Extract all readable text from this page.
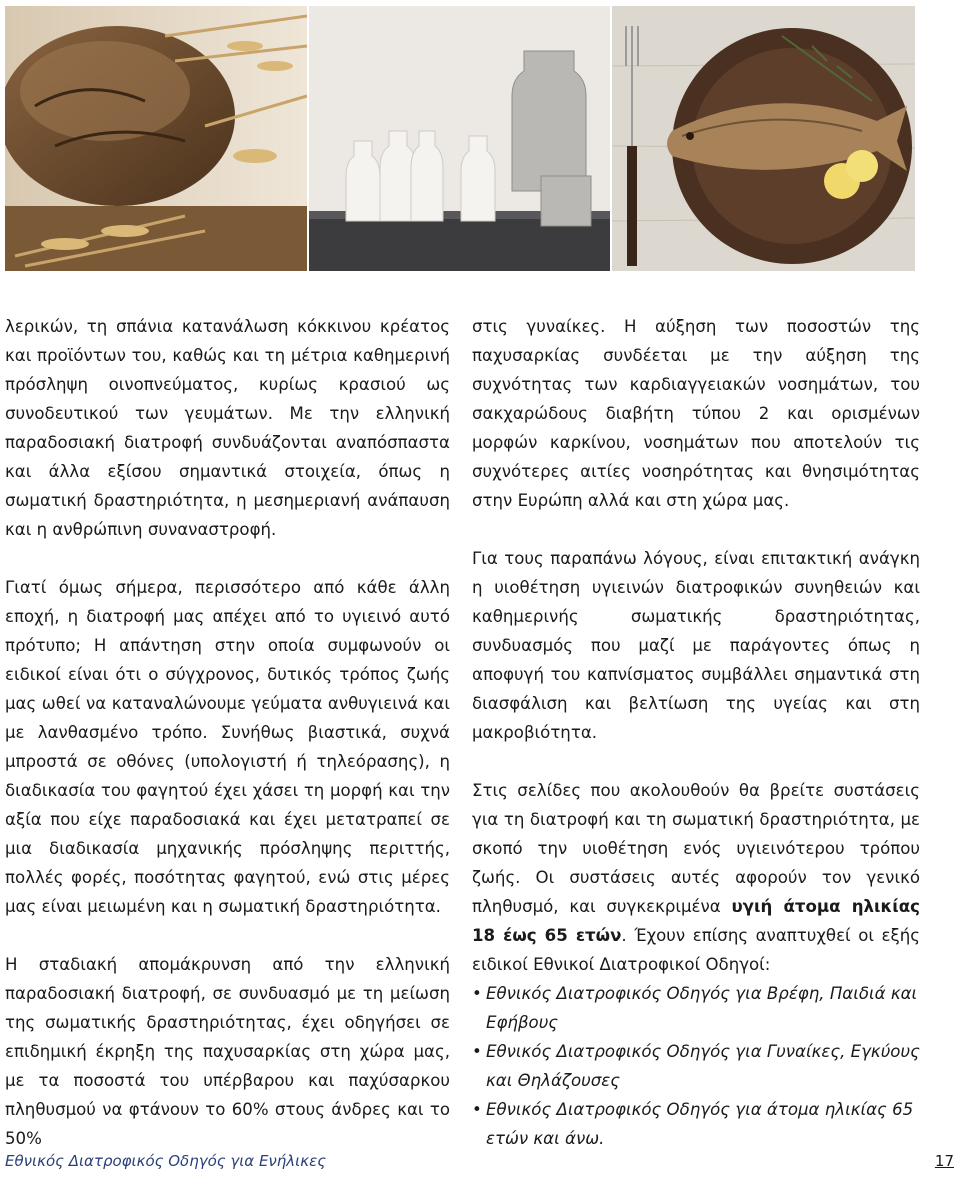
λερικών, τη σπάνια κατανάλωση κόκκινου κρέατος και προϊόντων του, καθώς και τη μέτρια καθημερινή πρόσληψη οινοπνεύματος, κυρίως κρασιού ως συνοδευτικού των γευμάτων. Με την ελληνική παραδοσιακή διατροφή συνδυάζονται αναπόσπαστα και άλλα εξίσου σημαντικά στοιχεία, όπως η σωματική δραστηριότητα, η μεσημεριανή ανάπαυση και η ανθρώπινη συναναστροφή.

Γιατί όμως σήμερα, περισσότερο από κάθε άλλη εποχή, η διατροφή μας απέχει από το υγιεινό αυτό πρότυπο; Η απάντηση στην οποία συμφωνούν οι ειδικοί είναι ότι ο σύγχρονος, δυτικός τρόπος ζωής μας ωθεί να καταναλώνουμε γεύματα ανθυγιεινά και με λανθασμένο τρόπο. Συνήθως βιαστικά, συχνά μπροστά σε οθόνες (υπολογιστή ή τηλεόρασης), η διαδικασία του φαγητού έχει χάσει τη μορφή και την αξία που είχε παραδοσιακά και έχει μετατραπεί σε μια διαδικασία μηχανικής πρόσληψης περιττής, πολλές φορές, ποσότητας φαγητού, ενώ στις μέρες μας είναι μειωμένη και η σωματική δραστηριότητα.

Η σταδιακή απομάκρυνση από την ελληνική παραδοσιακή διατροφή, σε συνδυασμό με τη μείωση της σωματικής δραστηριότητας, έχει οδηγήσει σε επιδημική έκρηξη της παχυσαρκίας στη χώρα μας, με τα ποσοστά του υπέρβαρου και παχύσαρκου πληθυσμού να φτάνουν το 60% στους άνδρες και το 50%

στις γυναίκες. Η αύξηση των ποσοστών της παχυσαρκίας συνδέεται με την αύξηση της συχνότητας των καρδιαγγειακών νοσημάτων, του σακχαρώδους διαβήτη τύπου 2 και ορισμένων μορφών καρκίνου, νοσημάτων που αποτελούν τις συχνότερες αιτίες νοσηρότητας και θνησιμότητας στην Ευρώπη αλλά και στη χώρα μας.

Για τους παραπάνω λόγους, είναι επιτακτική ανάγκη η υιοθέτηση υγιεινών διατροφικών συνηθειών και καθημερινής σωματικής δραστηριότητας, συνδυασμός που μαζί με παράγοντες όπως η αποφυγή του καπνίσματος συμβάλλει σημαντικά στη διασφάλιση και βελτίωση της υγείας και στη μακροβιότητα.

Στις σελίδες που ακολουθούν θα βρείτε συστάσεις για τη διατροφή και τη σωματική δραστηριότητα, με σκοπό την υιοθέτηση ενός υγιεινότερου τρόπου ζωής. Οι συστάσεις αυτές αφορούν τον γενικό πληθυσμό, και συγκεκριμένα υγιή άτομα ηλικίας 18 έως 65 ετών. Έχουν επίσης αναπτυχθεί οι εξής ειδικοί Εθνικοί Διατροφικοί Οδηγοί:

• Εθνικός Διατροφικός Οδηγός για Βρέφη, Παιδιά και Εφήβους
• Εθνικός Διατροφικός Οδηγός για Γυναίκες, Εγκύους και Θηλάζουσες
• Εθνικός Διατροφικός Οδηγός για άτομα ηλικίας 65 ετών και άνω.
Εθνικός Διατροφικός Οδηγός για Ενήλικες	17
